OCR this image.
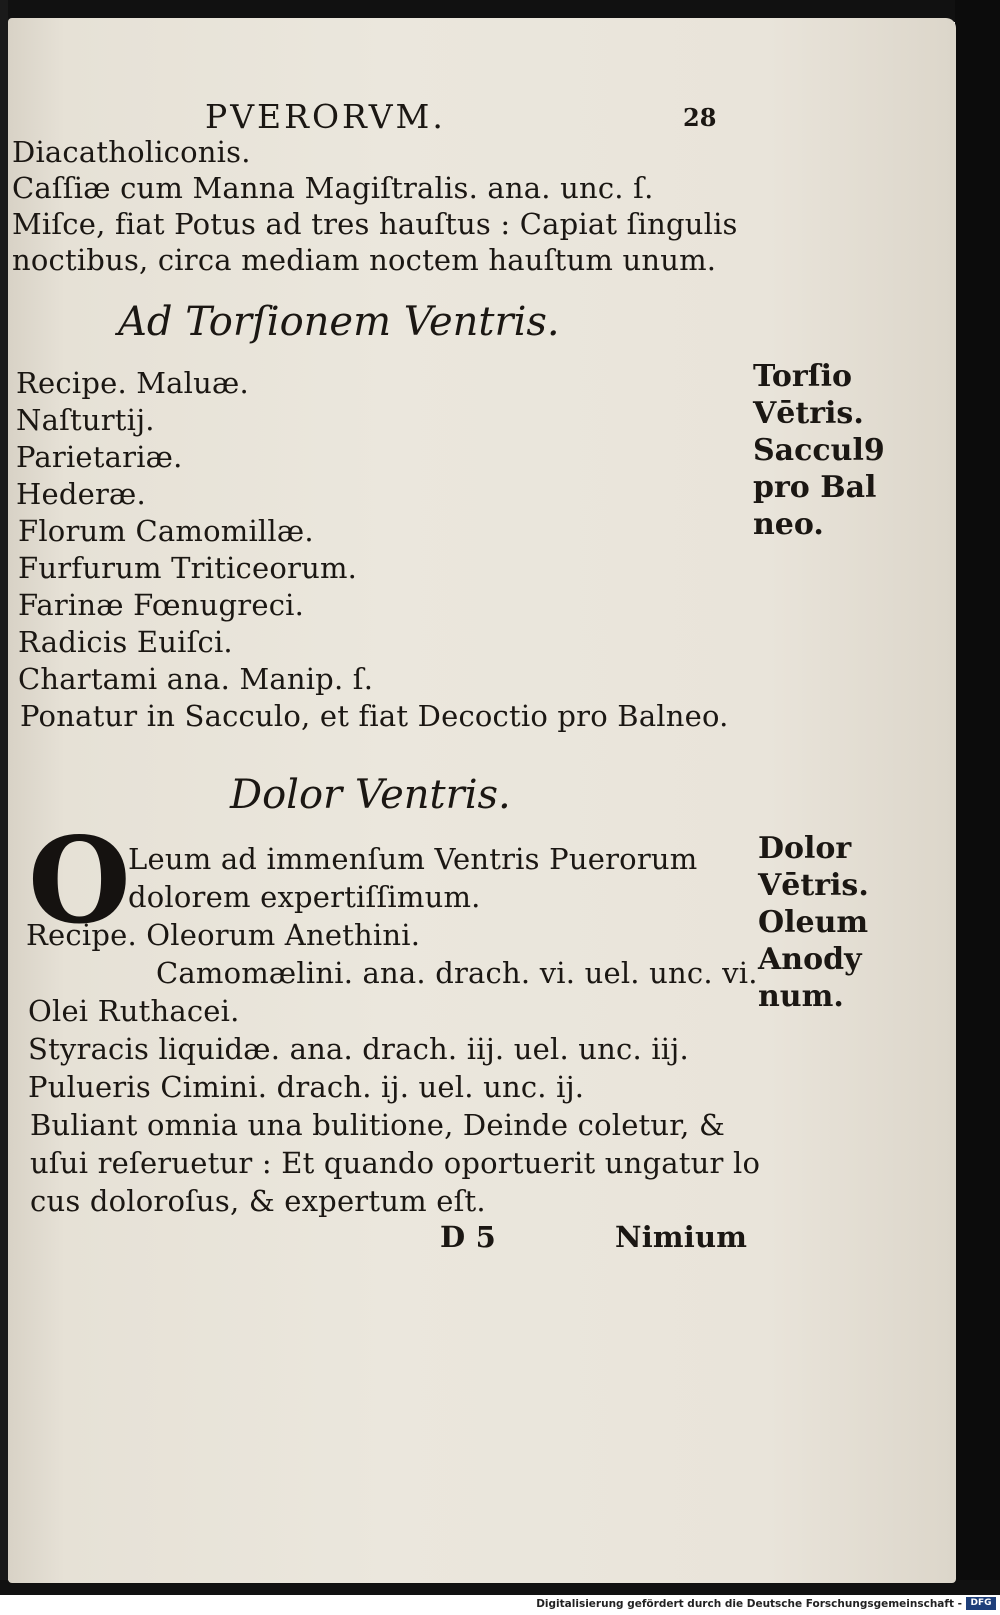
PVERORVM.	28
Diacatholiconis.
Caſſiæ cum Manna Magiſtralis. ana. unc. ſ.
Miſce, fiat Potus ad tres hauſtus : Capiat ſingulis
noctibus, circa mediam noctem hauſtum unum.
Ad Torſionem Ventris.
Recipe. Maluæ.
Naſturtij.
Parietariæ.
Hederæ.
Florum Camomillæ.
Furfurum Triticeorum.
Farinæ Fœnugreci.
Radicis Euiſci.
Chartami ana. Manip. ſ.
Ponatur in Sacculo, et fiat Decoctio pro Balneo.
Torſio
Vētris.
Saccul9
pro Bal
neo.
Dolor Ventris.
O
Leum ad immenſum Ventris Puerorum
dolorem expertiſſimum.
Recipe. Oleorum Anethini.
Camomælini. ana. drach. vi. uel. unc. vi.
Olei Ruthacei.
Styracis liquidæ. ana. drach. iij. uel. unc. iij.
Pulueris Cimini. drach. ij. uel. unc. ij.
Buliant omnia una bulitione, Deinde coletur, &
uſui reſeruetur : Et quando oportuerit ungatur lo
cus doloroſus, & expertum eſt.
Dolor
Vētris.
Oleum
Anody
num.
D 5	Nimium
Digitalisierung gefördert durch die Deutsche Forschungsgemeinschaft - DFG
